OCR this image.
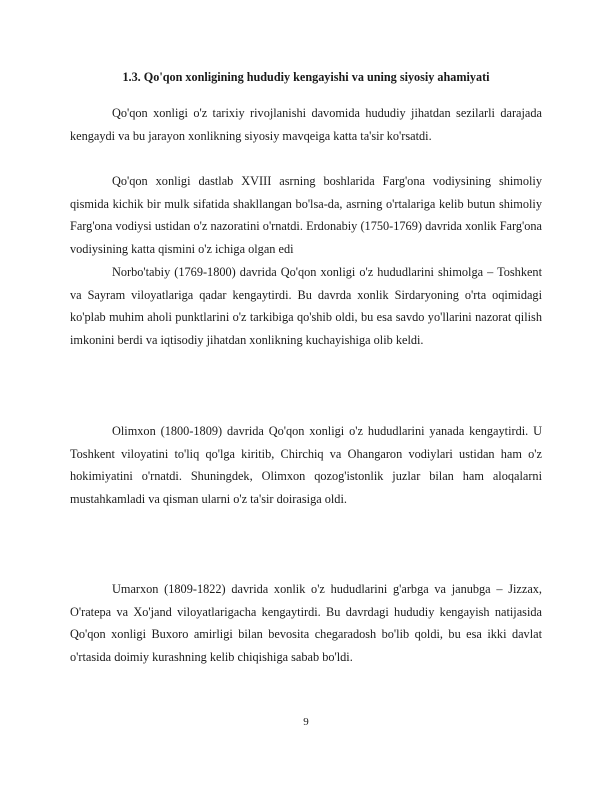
1.3. Qo'qon xonligining hududiy kengayishi va uning siyosiy ahamiyati

Qo'qon xonligi o'z tarixiy rivojlanishi davomida hududiy jihatdan sezilarli darajada kengaydi va bu jarayon xonlikning siyosiy mavqeiga katta ta'sir ko'rsatdi.

Qo'qon xonligi dastlab XVIII asrning boshlarida Farg'ona vodiysining shimoliy qismida kichik bir mulk sifatida shakllangan bo'lsa-da, asrning o'rtalariga kelib butun shimoliy Farg'ona vodiysi ustidan o'z nazoratini o'rnatdi. Erdonabiy (1750-1769) davrida xonlik Farg'ona vodiysining katta qismini o'z ichiga olgan edi

Norbo'tabiy (1769-1800) davrida Qo'qon xonligi o'z hududlarini shimolga – Toshkent va Sayram viloyatlariga qadar kengaytirdi. Bu davrda xonlik Sirdaryoning o'rta oqimidagi ko'plab muhim aholi punktlarini o'z tarkibiga qo'shib oldi, bu esa savdo yo'llarini nazorat qilish imkonini berdi va iqtisodiy jihatdan xonlikning kuchayishiga olib keldi.

Olimxon (1800-1809) davrida Qo'qon xonligi o'z hududlarini yanada kengaytirdi. U Toshkent viloyatini to'liq qo'lga kiritib, Chirchiq va Ohangaron vodiylari ustidan ham o'z hokimiyatini o'rnatdi. Shuningdek, Olimxon qozog'istonlik juzlar bilan ham aloqalarni mustahkamladi va qisman ularni o'z ta'sir doirasiga oldi.

Umarxon (1809-1822) davrida xonlik o'z hududlarini g'arbga va janubga – Jizzax, O'ratepa va Xo'jand viloyatlarigacha kengaytirdi. Bu davrdagi hududiy kengayish natijasida Qo'qon xonligi Buxoro amirligi bilan bevosita chegaradosh bo'lib qoldi, bu esa ikki davlat o'rtasida doimiy kurashning kelib chiqishiga sabab bo'ldi.

9
